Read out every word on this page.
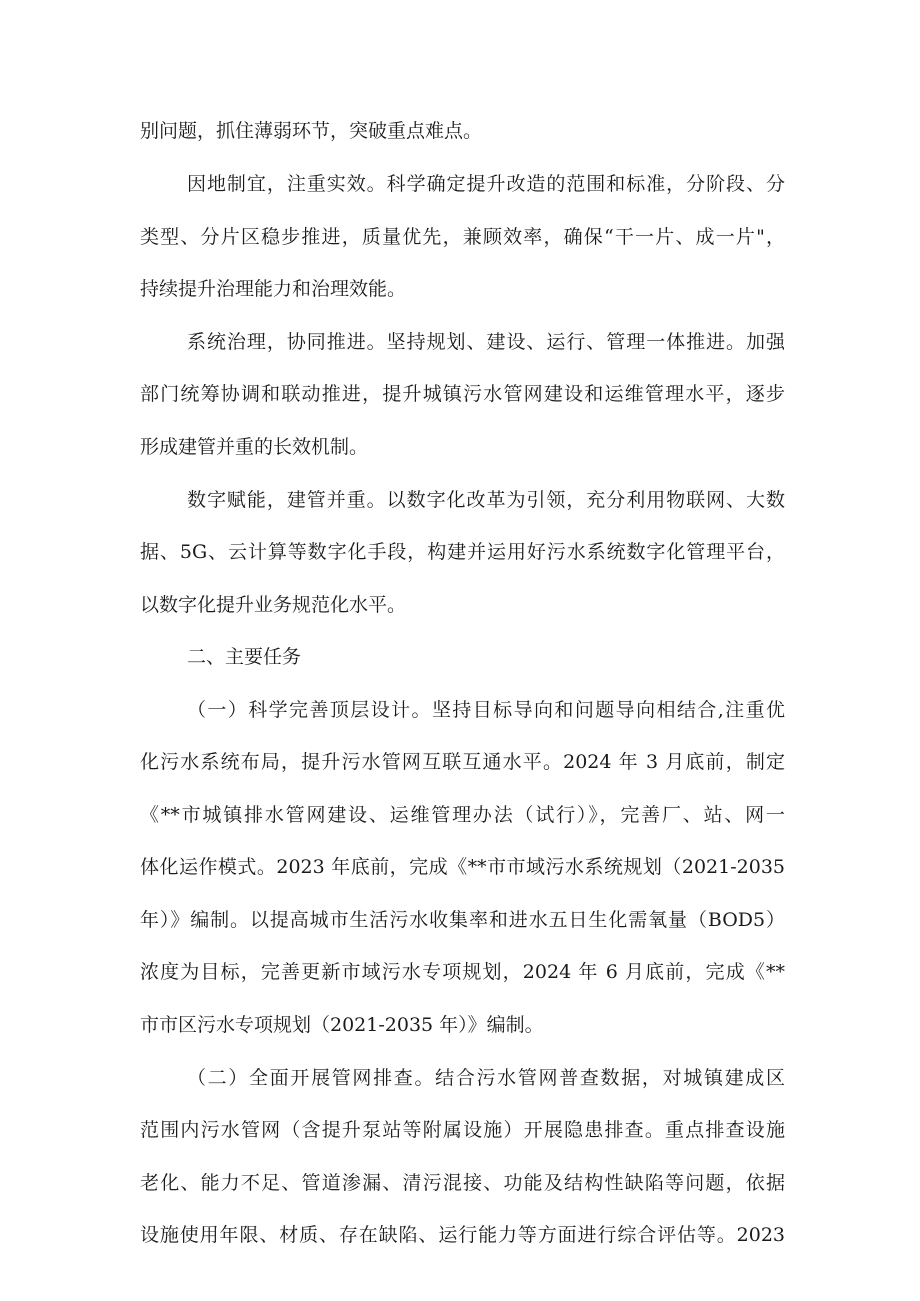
别问题，抓住薄弱环节，突破重点难点。
因地制宜，注重实效。科学确定提升改造的范围和标准，分阶段、分
类型、分片区稳步推进，质量优先，兼顾效率，确保“干一片、成一片"，
持续提升治理能力和治理效能。
系统治理，协同推进。坚持规划、建设、运行、管理一体推进。加强
部门统筹协调和联动推进，提升城镇污水管网建设和运维管理水平，逐步
形成建管并重的长效机制。
数字赋能，建管并重。以数字化改革为引领，充分利用物联网、大数
据、5G、云计算等数字化手段，构建并运用好污水系统数字化管理平台，
以数字化提升业务规范化水平。
二、主要任务
（一）科学完善顶层设计。坚持目标导向和问题导向相结合,注重优
化污水系统布局，提升污水管网互联互通水平。2024 年 3 月底前，制定
《**市城镇排水管网建设、运维管理办法（试行）》，完善厂、站、网一
体化运作模式。2023 年底前，完成《**市市域污水系统规划（2021-2035
年）》编制。以提高城市生活污水收集率和进水五日生化需氧量（BOD5）
浓度为目标，完善更新市域污水专项规划，2024 年 6 月底前，完成《**
市市区污水专项规划（2021-2035 年）》编制。
（二）全面开展管网排查。结合污水管网普查数据，对城镇建成区
范围内污水管网（含提升泵站等附属设施）开展隐患排查。重点排查设施
老化、能力不足、管道渗漏、清污混接、功能及结构性缺陷等问题，依据
设施使用年限、材质、存在缺陷、运行能力等方面进行综合评估等。2023
